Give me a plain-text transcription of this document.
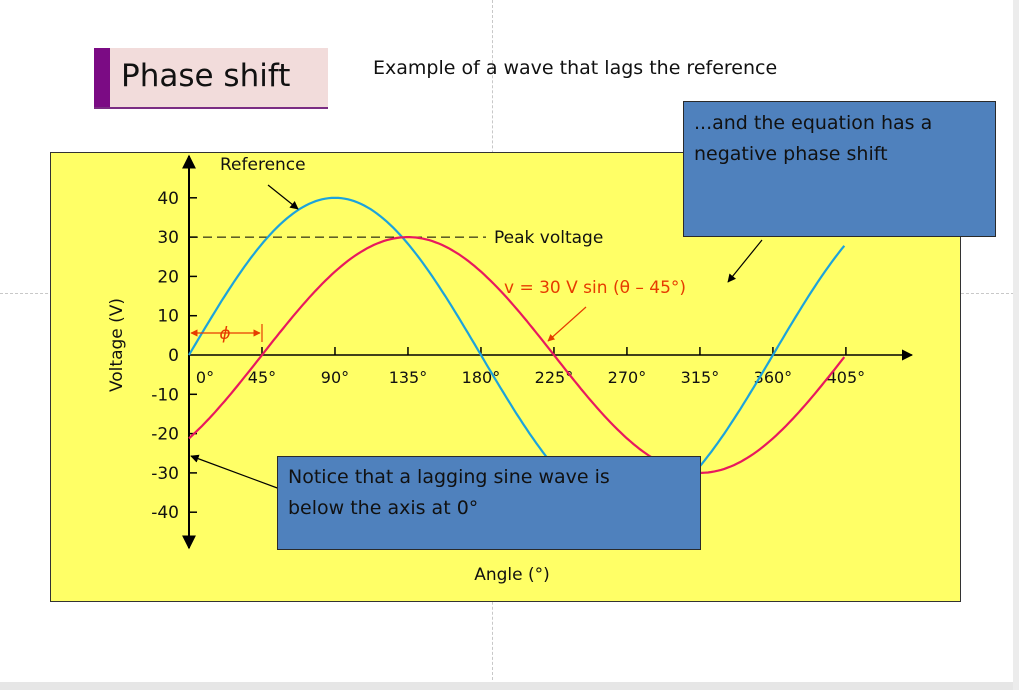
Phase shift	Example of a wave that lags the reference
40
30
20
10
0
-10
-20
-30
-40
0° 45°	90° 135° 180° 225° 270° 315° 360° 405°
Angle (°)
Voltage (V)
Reference
Peak voltage
v = 30 V sin (θ – 45°)
ϕ
...and the equation has a
negative phase shift
Notice that a lagging sine wave is
below the axis at 0°
